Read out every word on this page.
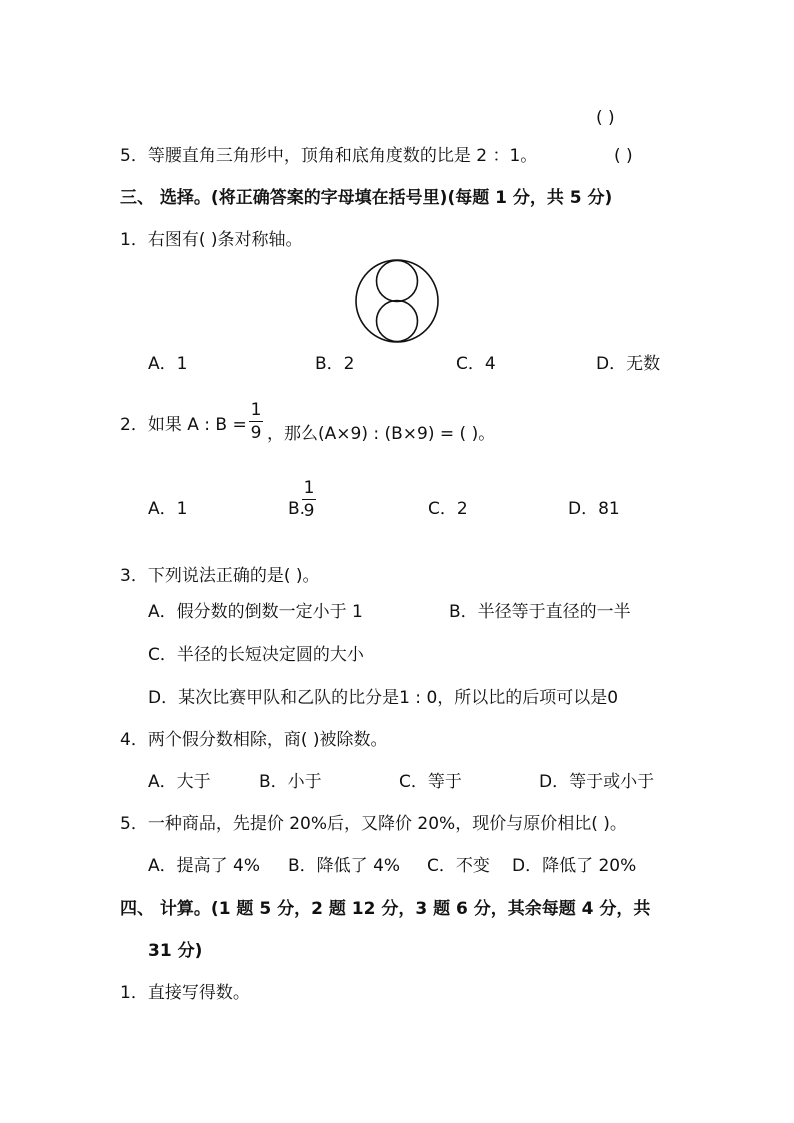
( )
5．等腰直角三角形中，顶角和底角度数的比是 2 ：1。	( )
三、 选择。(将正确答案的字母填在括号里)(每题 1 分，共 5 分)
1．右图有( )条对称轴。
A．1	B．2	C．4	D．无数
2．如果 A : B =
1
9 ，那么(A×9) : (B×9) = ( )。
A．1	B.
1
9	C．2	D．81
3．下列说法正确的是( )。
A．假分数的倒数一定小于 1	B．半径等于直径的一半
C．半径的长短决定圆的大小
D．某次比赛甲队和乙队的比分是1 : 0，所以比的后项可以是0
4．两个假分数相除，商( )被除数。
A．大于	B．小于	C．等于	D．等于或小于
5．一种商品，先提价 20%后，又降价 20%，现价与原价相比( )。
A．提高了 4% B．降低了 4% C．不变 D．降低了 20%
四、 计算。(1 题 5 分，2 题 12 分，3 题 6 分，其余每题 4 分，共
31 分)
1．直接写得数。
